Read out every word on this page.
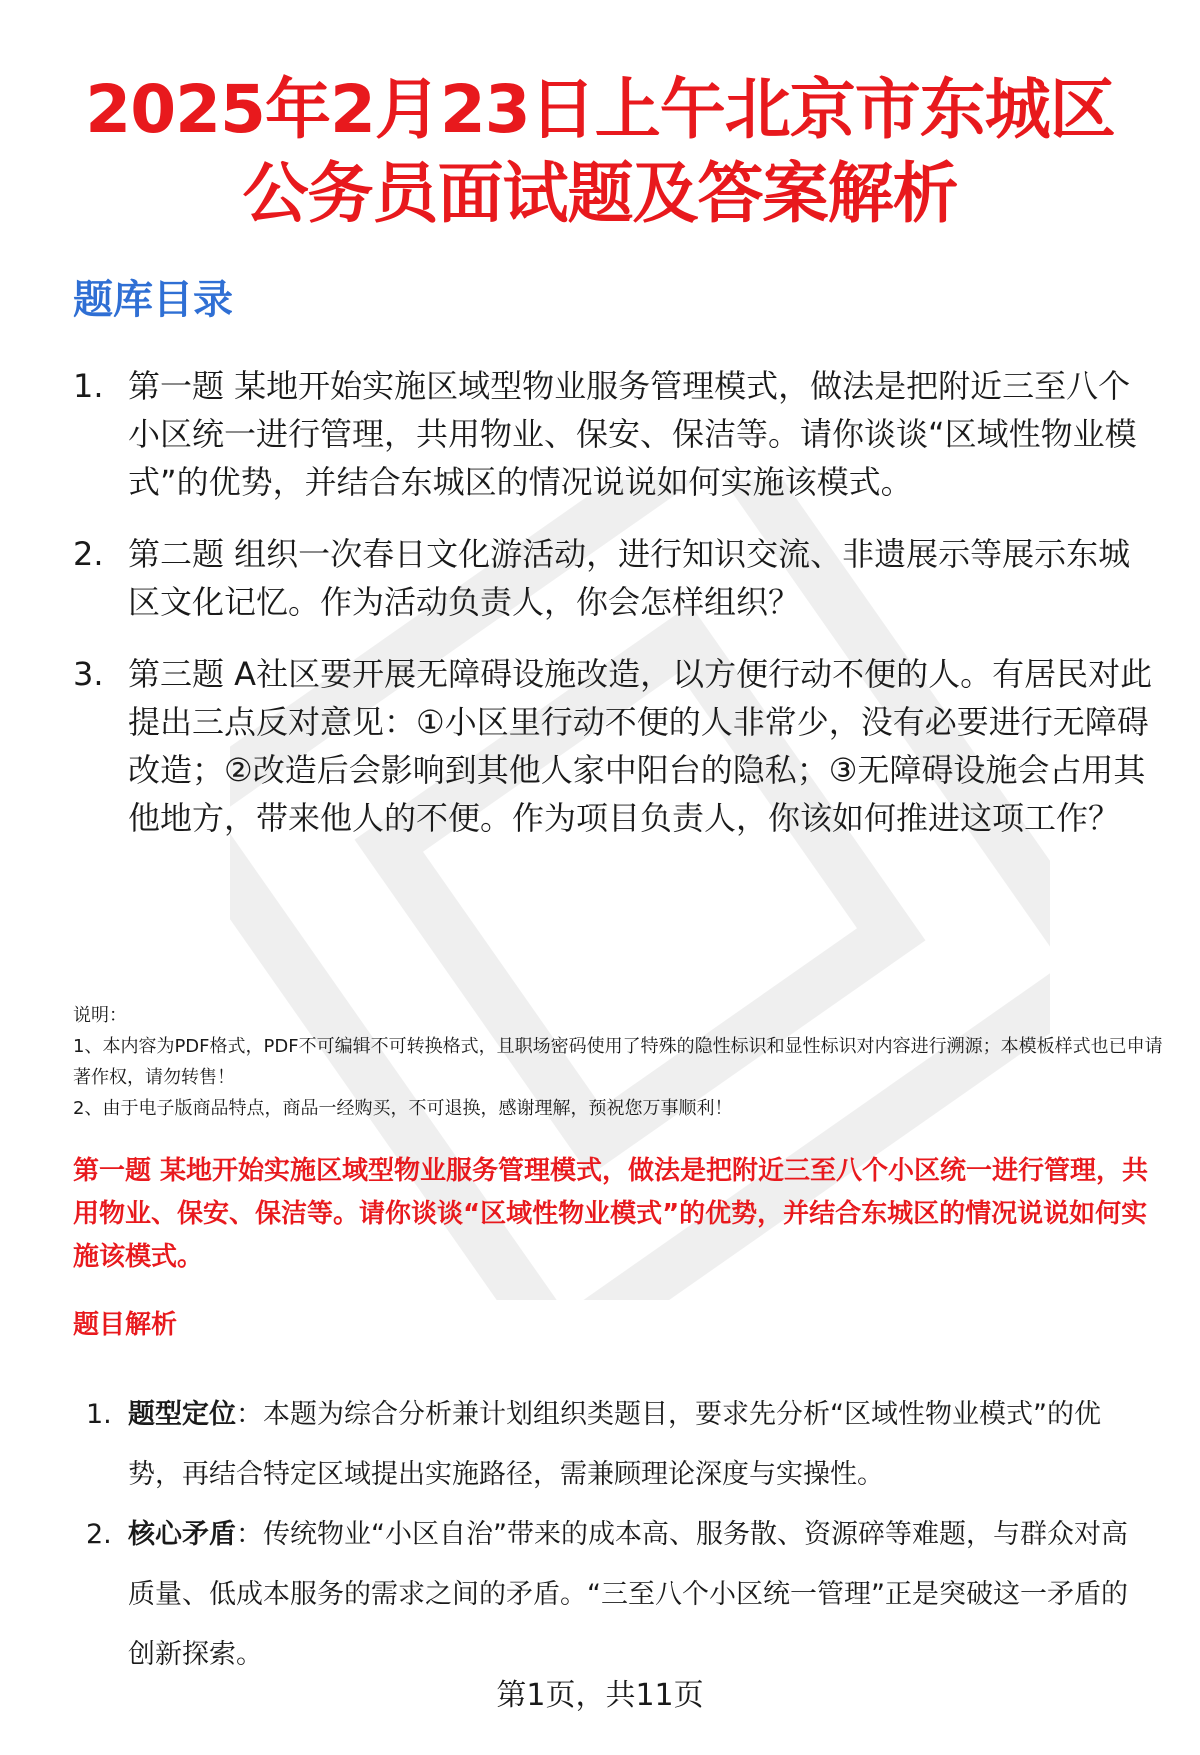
2025年2月23日上午北京市东城区
公务员面试题及答案解析
题库目录
1. 第一题 某地开始实施区域型物业服务管理模式，做法是把附近三至八个小区统一进行管理，共用物业、保安、保洁等。请你谈谈“区域性物业模式”的优势，并结合东城区的情况说说如何实施该模式。
2. 第二题 组织一次春日文化游活动，进行知识交流、非遗展示等展示东城区文化记忆。作为活动负责人，你会怎样组织？
3. 第三题 A社区要开展无障碍设施改造，以方便行动不便的人。有居民对此提出三点反对意见：①小区里行动不便的人非常少，没有必要进行无障碍改造；②改造后会影响到其他人家中阳台的隐私；③无障碍设施会占用其他地方，带来他人的不便。作为项目负责人，你该如何推进这项工作？

说明：

1、本内容为PDF格式，PDF不可编辑不可转换格式，且职场密码使用了特殊的隐性标识和显性标识对内容进行溯源；本模板样式也已申请著作权，请勿转售！

2、由于电子版商品特点，商品一经购买，不可退换，感谢理解，预祝您万事顺利！

第一题 某地开始实施区域型物业服务管理模式，做法是把附近三至八个小区统一进行管理，共用物业、保安、保洁等。请你谈谈“区域性物业模式”的优势，并结合东城区的情况说说如何实施该模式。
题目解析
1. 题型定位：本题为综合分析兼计划组织类题目，要求先分析“区域性物业模式”的优势，再结合特定区域提出实施路径，需兼顾理论深度与实操性。
2. 核心矛盾：传统物业“小区自治”带来的成本高、服务散、资源碎等难题，与群众对高质量、低成本服务的需求之间的矛盾。“三至八个小区统一管理”正是突破这一矛盾的创新探索。
第1页，共11页
